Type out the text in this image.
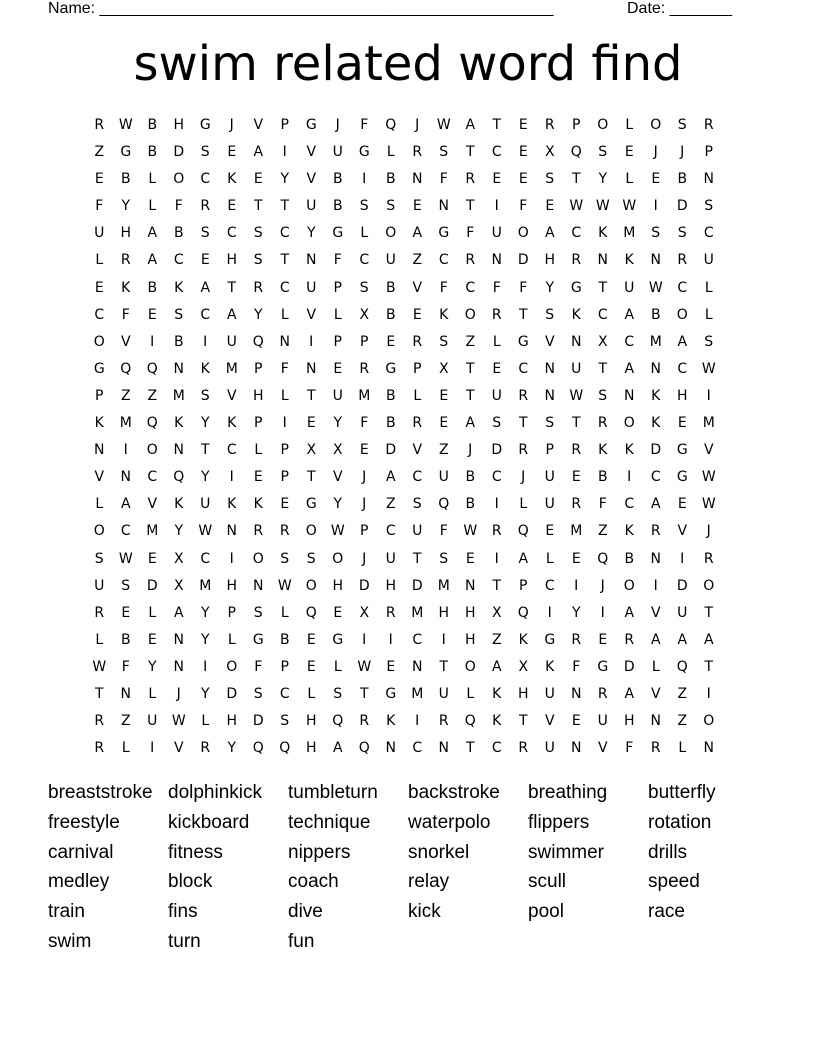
Name: ___________________________________________________	Date: _______
swim related word find
R	W	B	H	G	J	V	P	G	J	F	Q	J	W	A	T	E	R	P	O	L	O	S	R
Z	G	B	D	S	E	A	I	V	U	G	L	R	S	T	C	E	X	Q	S	E	J	J	P
E	B	L	O	C	K	E	Y	V	B	I	B	N	F	R	E	E	S	T	Y	L	E	B	N
F	Y	L	F	R	E	T	T	U	B	S	S	E	N	T	I	F	E	W W W	I	D	S
U	H	A	B	S	C	S	C	Y	G	L	O	A	G	F	U	O	A	C	K	M	S	S	C
L	R	A	C	E	H	S	T	N	F	C	U	Z	C	R	N	D	H	R	N	K	N	R	U
E	K	B	K	A	T	R	C	U	P	S	B	V	F	C	F	F	Y	G	T	U	W	C	L
C	F	E	S	C	A	Y	L	V	L	X	B	E	K	O	R	T	S	K	C	A	B	O	L
O	V	I	B	I	U	Q	N	I	P	P	E	R	S	Z	L	G	V	N	X	C	M	A	S
G	Q	Q	N	K	M	P	F	N	E	R	G	P	X	T	E	C	N	U	T	A	N	C	W
P	Z	Z	M	S	V	H	L	T	U	M	B	L	E	T	U	R	N	W	S	N	K	H	I
K	M	Q	K	Y	K	P	I	E	Y	F	B	R	E	A	S	T	S	T	R	O	K	E	M
N	I	O	N	T	C	L	P	X	X	E	D	V	Z	J	D	R	P	R	K	K	D	G	V
V	N	C	Q	Y	I	E	P	T	V	J	A	C	U	B	C	J	U	E	B	I	C	G	W
L	A	V	K	U	K	K	E	G	Y	J	Z	S	Q	B	I	L	U	R	F	C	A	E	W
O	C	M	Y	W	N	R	R	O	W	P	C	U	F	W	R	Q	E	M	Z	K	R	V	J
S	W	E	X	C	I	O	S	S	O	J	U	T	S	E	I	A	L	E	Q	B	N	I	R
U	S	D	X	M	H	N	W	O	H	D	H	D	M	N	T	P	C	I	J	O	I	D	O
R	E	L	A	Y	P	S	L	Q	E	X	R	M	H	H	X	Q	I	Y	I	A	V	U	T
L	B	E	N	Y	L	G	B	E	G	I	I	C	I	H	Z	K	G	R	E	R	A	A	A
W	F	Y	N	I	O	F	P	E	L	W	E	N	T	O	A	X	K	F	G	D	L	Q	T
T	N	L	J	Y	D	S	C	L	S	T	G	M	U	L	K	H	U	N	R	A	V	Z	I
R	Z	U	W	L	H	D	S	H	Q	R	K	I	R	Q	K	T	V	E	U	H	N	Z	O
R	L	I	V	R	Y	Q	Q	H	A	Q	N	C	N	T	C	R	U	N	V	F	R	L	N
breaststroke dolphinkick	tumbleturn	backstroke	breathing	butterfly
freestyle	kickboard	technique	waterpolo	flippers	rotation
carnival	fitness	nippers	snorkel	swimmer	drills
medley	block	coach	relay	scull	speed
train	fins	dive	kick	pool	race
swim	turn	fun
